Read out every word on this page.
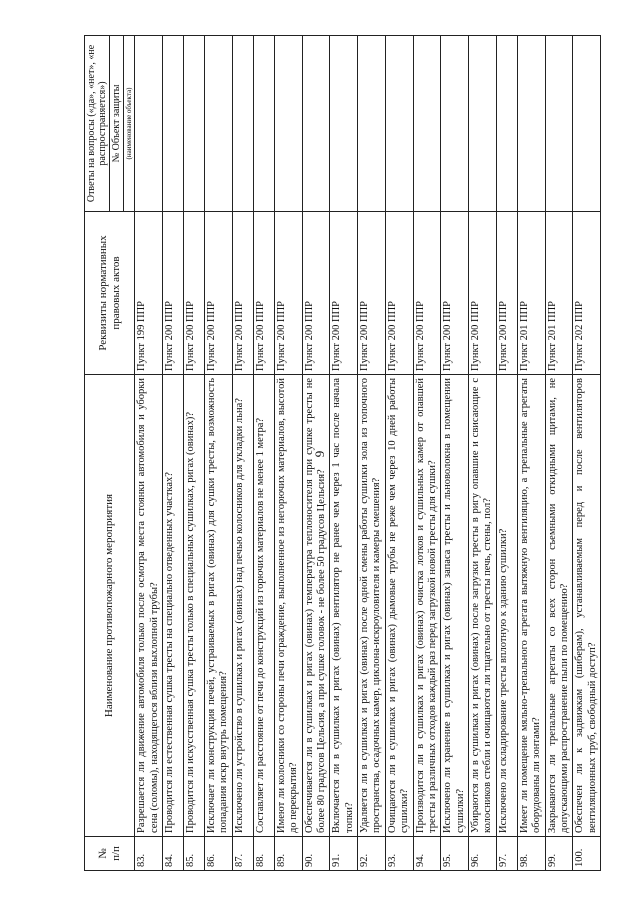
9
№
п/п	Наименование противопожарного мероприятия	Реквизиты нормативных правовых актов	Ответы на вопросы («да», «нет», «не распространяется») № Объект защиты (наименование объекта)

83.	Разрешается ли движение автомобиля только после осмотра места стоянки автомобиля и уборки сена (соломы), находящегося вблизи выхлопной трубы?	Пункт 199 ППР	
84.	Проводится ли естественная сушка тресты на специально отведенных участках?	Пункт 200 ППР	
85.	Проводится ли искусственная сушка тресты только в специальных сушилках, ригах (овинах)?	Пункт 200 ППР	
86.	Исключает ли конструкция печей, устраиваемых в ригах (овинах) для сушки тресты, возможность попадания искр внутрь помещения?	Пункт 200 ППР	
87.	Исключено ли устройство в сушилках и ригах (овинах) над печью колосников для укладки льна?	Пункт 200 ППР	
88.	Составляет ли расстояние от печи до конструкций из горючих материалов не менее 1 метра?	Пункт 200 ППР	
89.	Имеют ли колосники со стороны печи ограждение, выполненное из негорючих материалов, высотой до перекрытия?	Пункт 200 ППР	
90.	Обеспечивается ли в сушилках и ригах (овинах) температура теплоносителя при сушке тресты не более 80 градусов Цельсия, а при сушке головок - не более 50 градусов Цельсия?	Пункт 200 ППР	
91.	Включается ли в сушилках и ригах (овинах) вентилятор не ранее чем через 1 час после начала топки?	Пункт 200 ППР	
92.	Удаляется ли в сушилках и ригах (овинах) после одной смены работы сушилки зола из топочного пространства, осадочных камер, циклона-искроуловителя и камеры смешения?	Пункт 200 ППР	
93.	Очищаются ли в сушилках и ригах (овинах) дымовые трубы не реже чем через 10 дней работы сушилки?	Пункт 200 ППР	
94.	Производится ли в сушилках и ригах (овинах) очистка лотков и сушильных камер от опавшей тресты и различных отходов каждый раз перед загрузкой новой тресты для сушки?	Пункт 200 ППР	
95.	Исключено ли хранение в сушилках и ригах (овинах) запаса тресты и льноволокна в помещении сушилки?	Пункт 200 ППР	
96.	Убираются ли в сушилках и ригах (овинах) после загрузки тресты в ригу опавшие и свисающие с колосников стебли и очищаются ли тщательно от тресты печь, стены, пол?	Пункт 200 ППР	
97.	Исключено ли складирование тресты вплотную к зданию сушилки?	Пункт 200 ППР	
98.	Имеет ли помещение мяльно-трепального агрегата вытяжную вентиляцию, а трепальные агрегаты оборудованы ли зонтами?	Пункт 201 ППР	
99.	Закрываются ли трепальные агрегаты со всех сторон съемными откидными щитами, не допускающими распространение пыли по помещению?	Пункт 201 ППР	
100.	Обеспечен ли к задвижкам (шиберам), устанавливаемым перед и после вентиляторов вентиляционных труб, свободный доступ?	Пункт 202 ППР	
